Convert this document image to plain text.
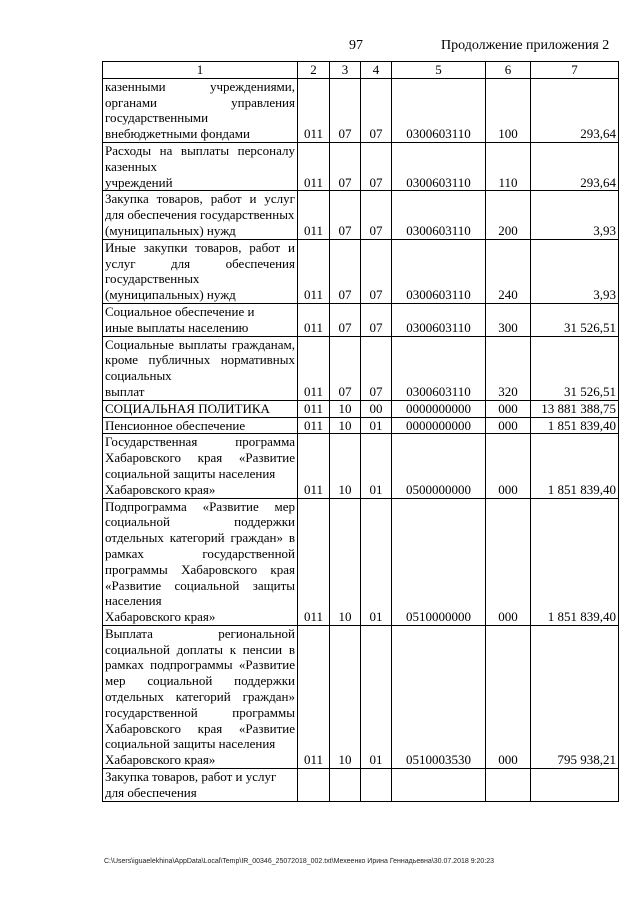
97	Продолжение приложения 2
1	2	3	4	5	6	7
казенными учреждениями, органами управления государственными
внебюджетными фондами	011	07	07	0300603110	100	293,64
Расходы на выплаты персоналу казенных
учреждений	011	07	07	0300603110	110	293,64
Закупка товаров, работ и услуг для обеспечения государственных
(муниципальных) нужд	011	07	07	0300603110	200	3,93
Иные закупки товаров, работ и услуг для обеспечения государственных
(муниципальных) нужд	011	07	07	0300603110	240	3,93
Социальное обеспечение и
иные выплаты населению	011	07	07	0300603110	300	31 526,51
Социальные выплаты гражданам, кроме публичных нормативных социальных
выплат	011	07	07	0300603110	320	31 526,51

СОЦИАЛЬНАЯ ПОЛИТИКА	011	10	00	0000000000	000	13 881 388,75

Пенсионное обеспечение	011	10	01	0000000000	000	1 851 839,40
Государственная программа Хабаровского края «Развитие социальной защиты населения
Хабаровского края»	011	10	01	0500000000	000	1 851 839,40
Подпрограмма «Развитие мер социальной поддержки отдельных категорий граждан» в рамках государственной программы Хабаровского края «Развитие социальной защиты населения
Хабаровского края»	011	10	01	0510000000	000	1 851 839,40
Выплата региональной социальной доплаты к пенсии в рамках подпрограммы «Развитие мер социальной поддержки отдельных категорий граждан» государственной программы Хабаровского края «Развитие социальной защиты населения
Хабаровского края»	011	10	01	0510003530	000	795 938,21
Закупка товаров, работ и услуг
для обеспечения						

C:\Users\iguaelekhina\AppData\Local\Temp\IR_00346_25072018_002.txt\Мехеенко Ирина Геннадьевна\30.07.2018 9:20:23
